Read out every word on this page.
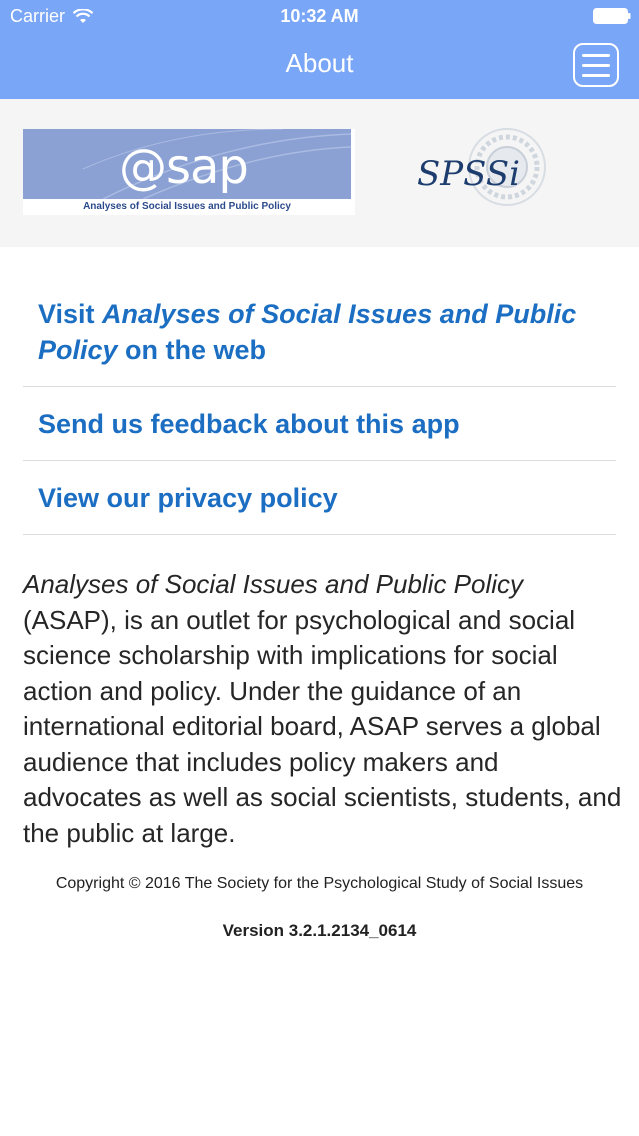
Carrier	10:32 AM
About
@sap
Analyses of Social Issues and Public Policy
SPSSi
Visit Analyses of Social Issues and Public Policy on the web
Send us feedback about this app
View our privacy policy
Analyses of Social Issues and Public Policy
(ASAP), is an outlet for psychological and social science scholarship with implications for social action and policy. Under the guidance of an international editorial board, ASAP serves a global audience that includes policy makers and advocates as well as social scientists, students, and the public at large.
Copyright © 2016 The Society for the Psychological Study of Social Issues
Version 3.2.1.2134_0614
